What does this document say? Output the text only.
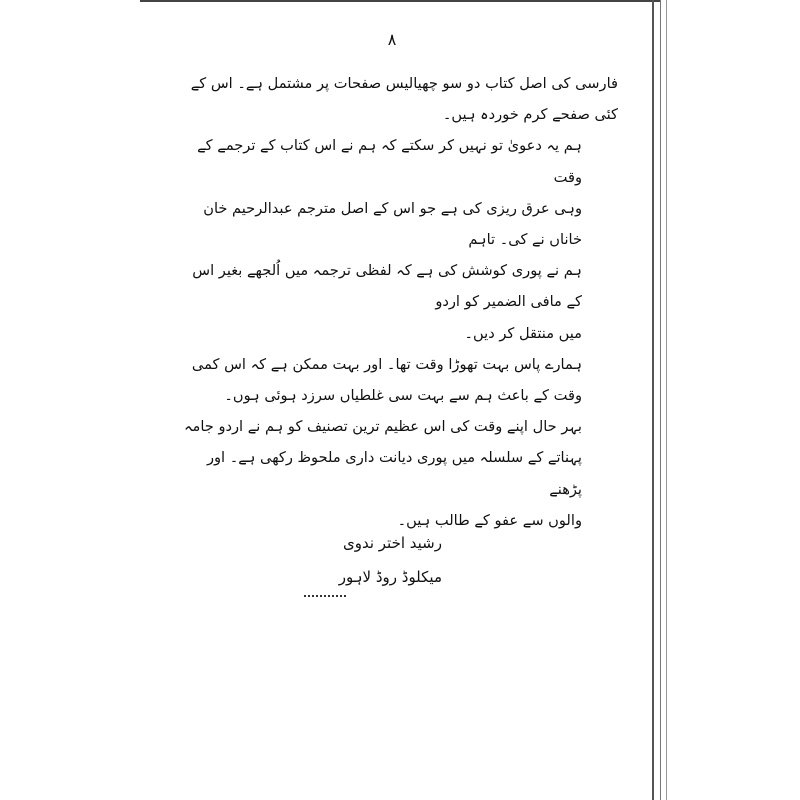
۸

فارسی کی اصل کتاب دو سو چھیالیس صفحات پر مشتمل ہے۔ اس کے
کئی صفحے کرم خوردہ ہیں۔

ہم یہ دعویٰ تو نہیں کر سکتے کہ ہم نے اس کتاب کے ترجمے کے وقت
وہی عرق ریزی کی ہے جو اس کے اصل مترجم عبدالرحیم خان خاناں نے کی۔ تاہم
ہم نے پوری کوشش کی ہے کہ لفظی ترجمہ میں اُلجھے بغیر اس کے مافی الضمیر کو اردو
میں منتقل کر دیں۔

ہمارے پاس بہت تھوڑا وقت تھا۔ اور بہت ممکن ہے کہ اس کمی
وقت کے باعث ہم سے بہت سی غلطیاں سرزد ہوئی ہوں۔

بہر حال اپنے وقت کی اس عظیم ترین تصنیف کو ہم نے اردو جامہ
پہناتے کے سلسلہ میں پوری دیانت داری ملحوظ رکھی ہے۔ اور پڑھنے
والوں سے عفو کے طالب ہیں۔

رشید اختر ندوی
میکلوڈ روڈ لاہور
